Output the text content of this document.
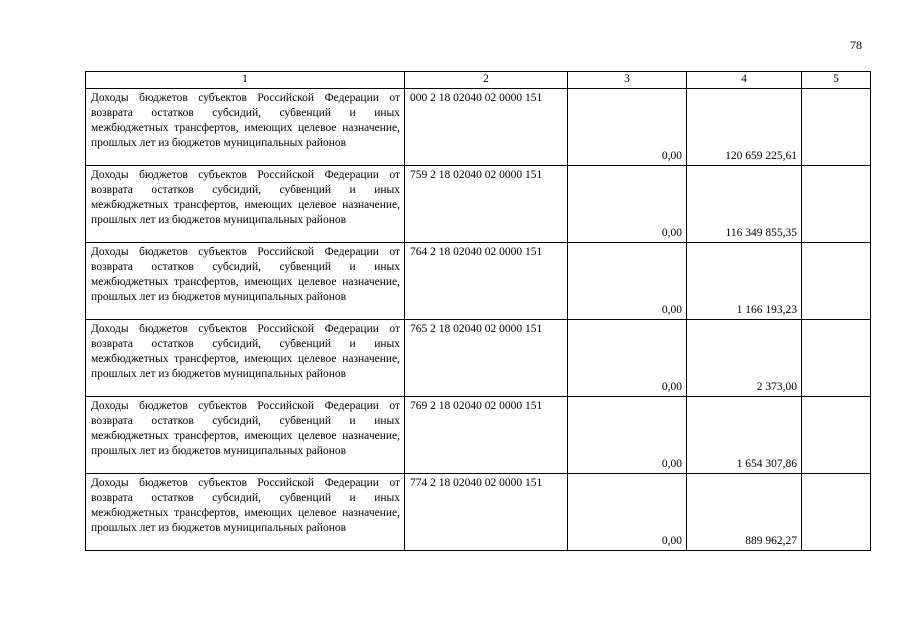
78
1	2	3	4	5
Доходы бюджетов субъектов Российской Федерации от возврата остатков субсидий, субвенций и иных межбюджетных трансфертов, имеющих целевое назначение, прошлых лет из бюджетов муниципальных районов	000 2 18 02040 02 0000 151	0,00	120 659 225,61	
Доходы бюджетов субъектов Российской Федерации от возврата остатков субсидий, субвенций и иных межбюджетных трансфертов, имеющих целевое назначение, прошлых лет из бюджетов муниципальных районов	759 2 18 02040 02 0000 151	0,00	116 349 855,35	
Доходы бюджетов субъектов Российской Федерации от возврата остатков субсидий, субвенций и иных межбюджетных трансфертов, имеющих целевое назначение, прошлых лет из бюджетов муниципальных районов	764 2 18 02040 02 0000 151	0,00	1 166 193,23	
Доходы бюджетов субъектов Российской Федерации от возврата остатков субсидий, субвенций и иных межбюджетных трансфертов, имеющих целевое назначение, прошлых лет из бюджетов муниципальных районов	765 2 18 02040 02 0000 151	0,00	2 373,00	
Доходы бюджетов субъектов Российской Федерации от возврата остатков субсидий, субвенций и иных межбюджетных трансфертов, имеющих целевое назначение, прошлых лет из бюджетов муниципальных районов	769 2 18 02040 02 0000 151	0,00	1 654 307,86	
Доходы бюджетов субъектов Российской Федерации от возврата остатков субсидий, субвенций и иных межбюджетных трансфертов, имеющих целевое назначение, прошлых лет из бюджетов муниципальных районов	774 2 18 02040 02 0000 151	0,00	889 962,27	
